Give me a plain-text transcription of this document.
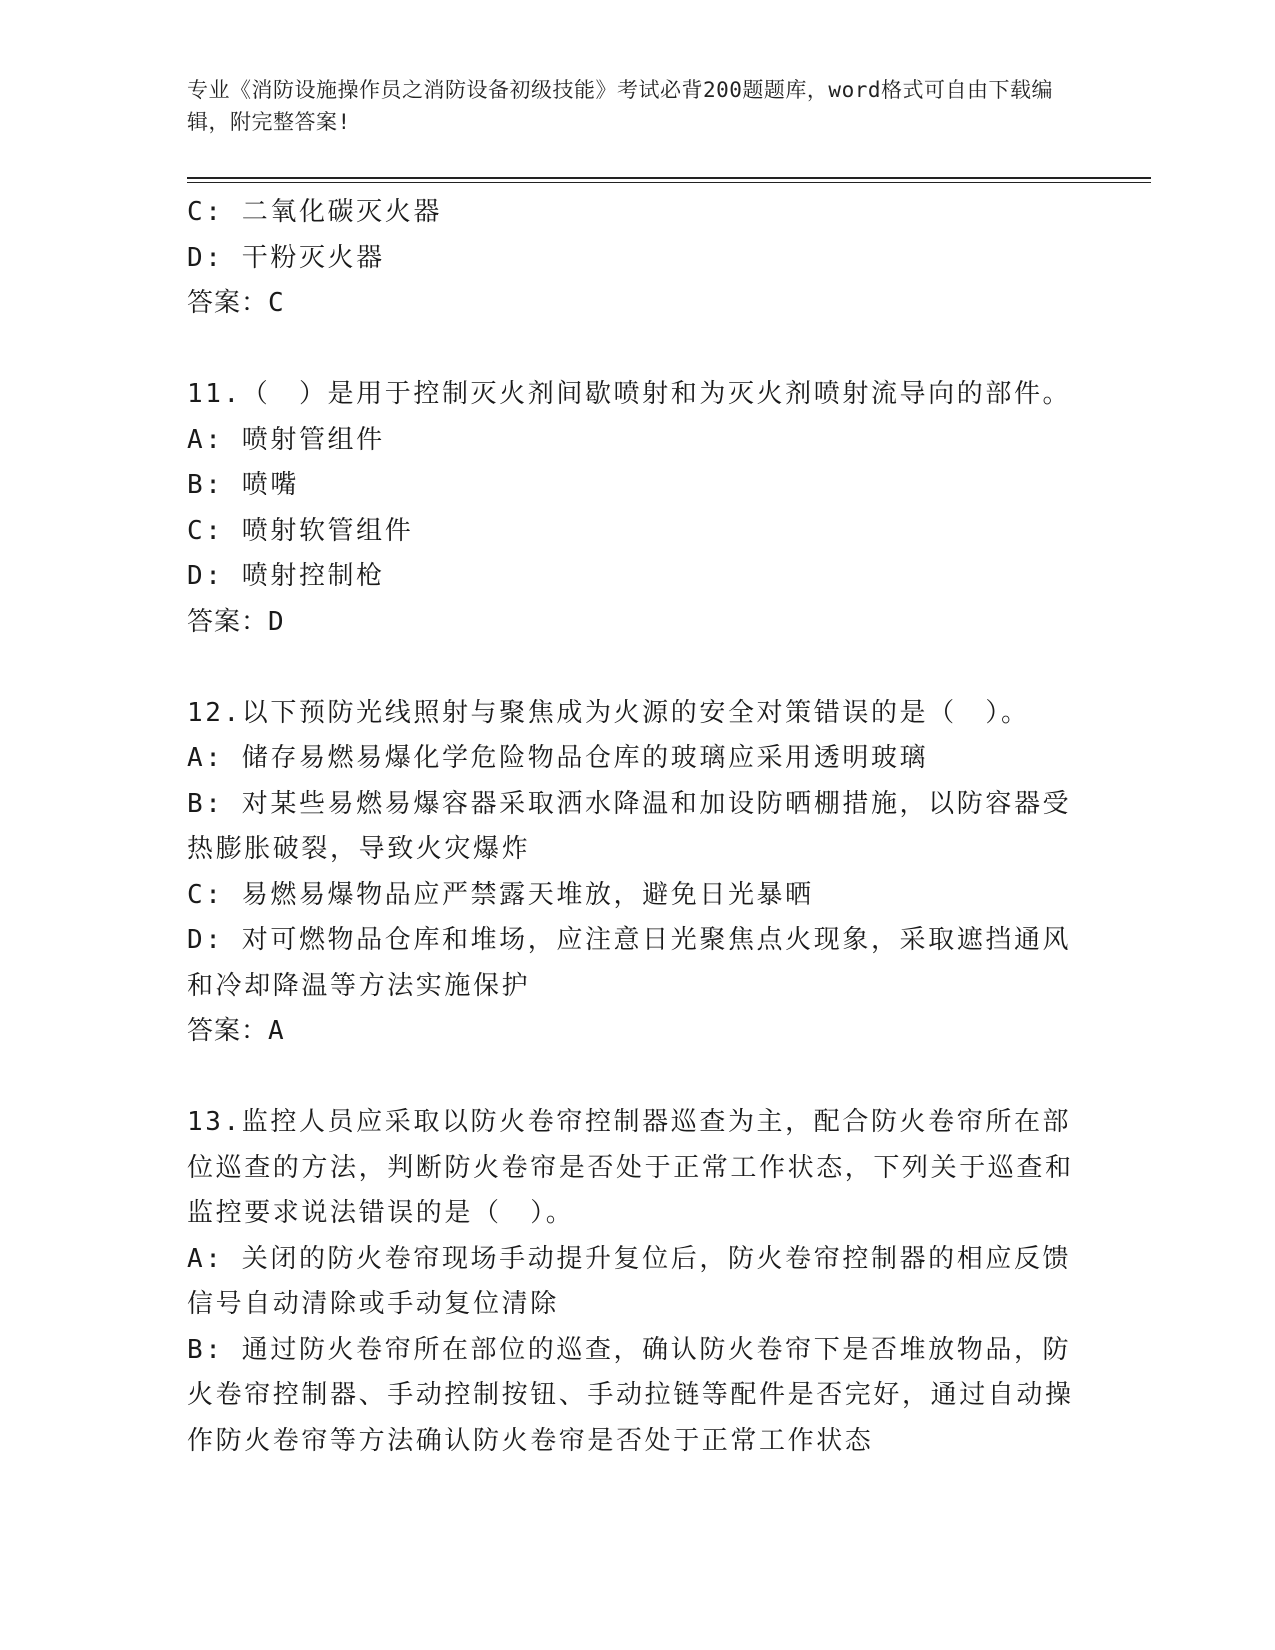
专业《消防设施操作员之消防设备初级技能》考试必背200题题库，word格式可自由下载编辑，附完整答案!
C: 二氧化碳灭火器
D: 干粉灭火器
答案：C
11.（　）是用于控制灭火剂间歇喷射和为灭火剂喷射流导向的部件。
A: 喷射管组件
B: 喷嘴
C: 喷射软管组件
D: 喷射控制枪
答案：D
12.以下预防光线照射与聚焦成为火源的安全对策错误的是（　）。
A: 储存易燃易爆化学危险物品仓库的玻璃应采用透明玻璃
B: 对某些易燃易爆容器采取洒水降温和加设防晒棚措施，以防容器受热膨胀破裂，导致火灾爆炸
C: 易燃易爆物品应严禁露天堆放，避免日光暴晒
D: 对可燃物品仓库和堆场，应注意日光聚焦点火现象，采取遮挡通风和冷却降温等方法实施保护
答案：A
13.监控人员应采取以防火卷帘控制器巡查为主，配合防火卷帘所在部位巡查的方法，判断防火卷帘是否处于正常工作状态，下列关于巡查和监控要求说法错误的是（　）。
A: 关闭的防火卷帘现场手动提升复位后，防火卷帘控制器的相应反馈信号自动清除或手动复位清除
B: 通过防火卷帘所在部位的巡查，确认防火卷帘下是否堆放物品，防火卷帘控制器、手动控制按钮、手动拉链等配件是否完好，通过自动操作防火卷帘等方法确认防火卷帘是否处于正常工作状态
